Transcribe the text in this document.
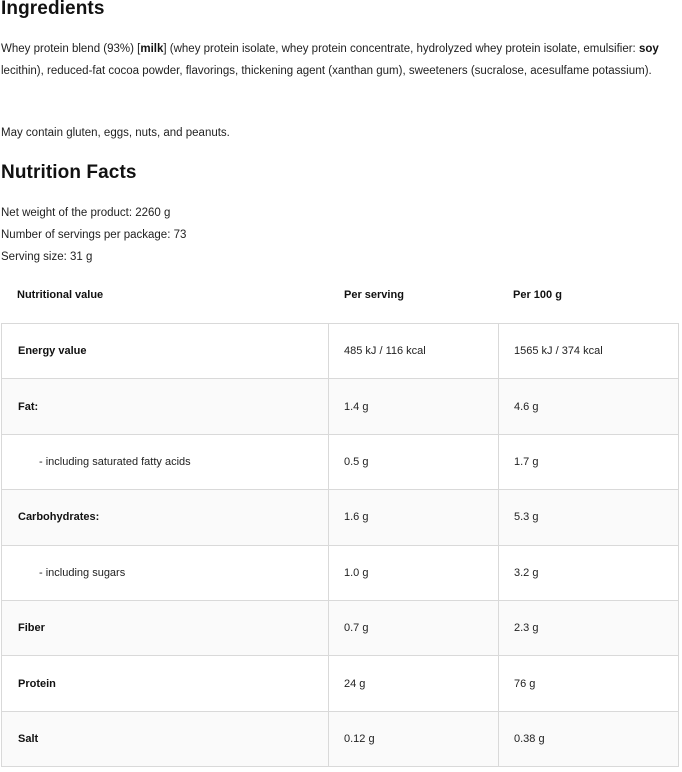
Ingredients
Whey protein blend (93%) [milk] (whey protein isolate, whey protein concentrate, hydrolyzed whey protein isolate, emulsifier: soy lecithin), reduced-fat cocoa powder, flavorings, thickening agent (xanthan gum), sweeteners (sucralose, acesulfame potassium).
May contain gluten, eggs, nuts, and peanuts.
Nutrition Facts
Net weight of the product: 2260 g
Number of servings per package: 73
Serving size: 31 g
Nutritional value	Per serving	Per 100 g
Energy value	485 kJ / 116 kcal	1565 kJ / 374 kcal
Fat:	1.4 g	4.6 g
- including saturated fatty acids	0.5 g	1.7 g
Carbohydrates:	1.6 g	5.3 g
- including sugars	1.0 g	3.2 g
Fiber	0.7 g	2.3 g
Protein	24 g	76 g
Salt	0.12 g	0.38 g
